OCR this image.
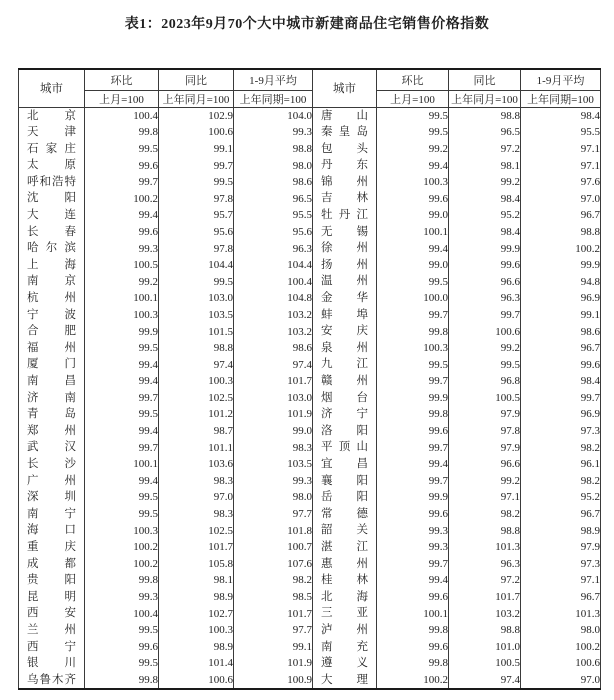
表1：2023年9月70个大中城市新建商品住宅销售价格指数
城市	环比	同比	1-9月平均	城市	环比	同比	1-9月平均
	上月=100	上年同月=100	上年同期=100		上月=100	上年同月=100	上年同期=100

北 京	100.4	102.9	104.0	唐 山	99.5	98.8	98.4

天 津	99.8	100.6	99.3	秦 皇 岛	99.5	96.5	95.5

石 家 庄	99.5	99.1	98.8	包 头	99.2	97.2	97.1

太 原	99.6	99.7	98.0	丹 东	99.4	98.1	97.1

呼 和 浩 特	99.7	99.5	98.6	锦 州	100.3	99.2	97.6

沈 阳	100.2	97.8	96.5	吉 林	99.6	98.4	97.0

大 连	99.4	95.7	95.5	牡 丹 江	99.0	95.2	96.7

长 春	99.6	95.6	95.6	无 锡	100.1	98.4	98.8

哈 尔 滨	99.3	97.8	96.3	徐 州	99.4	99.9	100.2

上 海	100.5	104.4	104.4	扬 州	99.0	99.6	99.9

南 京	99.2	99.5	100.4	温 州	99.5	96.6	94.8

杭 州	100.1	103.0	104.8	金 华	100.0	96.3	96.9

宁 波	100.3	103.5	103.2	蚌 埠	99.7	99.7	99.1

合 肥	99.9	101.5	103.2	安 庆	99.8	100.6	98.6

福 州	99.5	98.8	98.6	泉 州	100.3	99.2	96.7

厦 门	99.4	97.4	97.4	九 江	99.5	99.5	99.6

南 昌	99.4	100.3	101.7	赣 州	99.7	96.8	98.4

济 南	99.7	102.5	103.0	烟 台	99.9	100.5	99.7

青 岛	99.5	101.2	101.9	济 宁	99.8	97.9	96.9

郑 州	99.4	98.7	99.0	洛 阳	99.6	97.8	97.3

武 汉	99.7	101.1	98.3	平 顶 山	99.7	97.9	98.2

长 沙	100.1	103.6	103.5	宜 昌	99.4	96.6	96.1

广 州	99.4	98.3	99.3	襄 阳	99.7	99.2	98.2

深 圳	99.5	97.0	98.0	岳 阳	99.9	97.1	95.2

南 宁	99.5	98.3	97.7	常 德	99.6	98.2	96.7

海 口	100.3	102.5	101.8	韶 关	99.3	98.8	98.9

重 庆	100.2	101.7	100.7	湛 江	99.3	101.3	97.9

成 都	100.2	105.8	107.6	惠 州	99.7	96.3	97.3

贵 阳	99.8	98.1	98.2	桂 林	99.4	97.2	97.1

昆 明	99.3	98.9	98.5	北 海	99.6	101.7	96.7

西 安	100.4	102.7	101.7	三 亚	100.1	103.2	101.3

兰 州	99.5	100.3	97.7	泸 州	99.8	98.8	98.0

西 宁	99.6	98.9	99.1	南 充	99.6	101.0	100.2

银 川	99.5	101.4	101.9	遵 义	99.8	100.5	100.6

乌 鲁 木 齐	99.8	100.6	100.9	大 理	100.2	97.4	97.0
